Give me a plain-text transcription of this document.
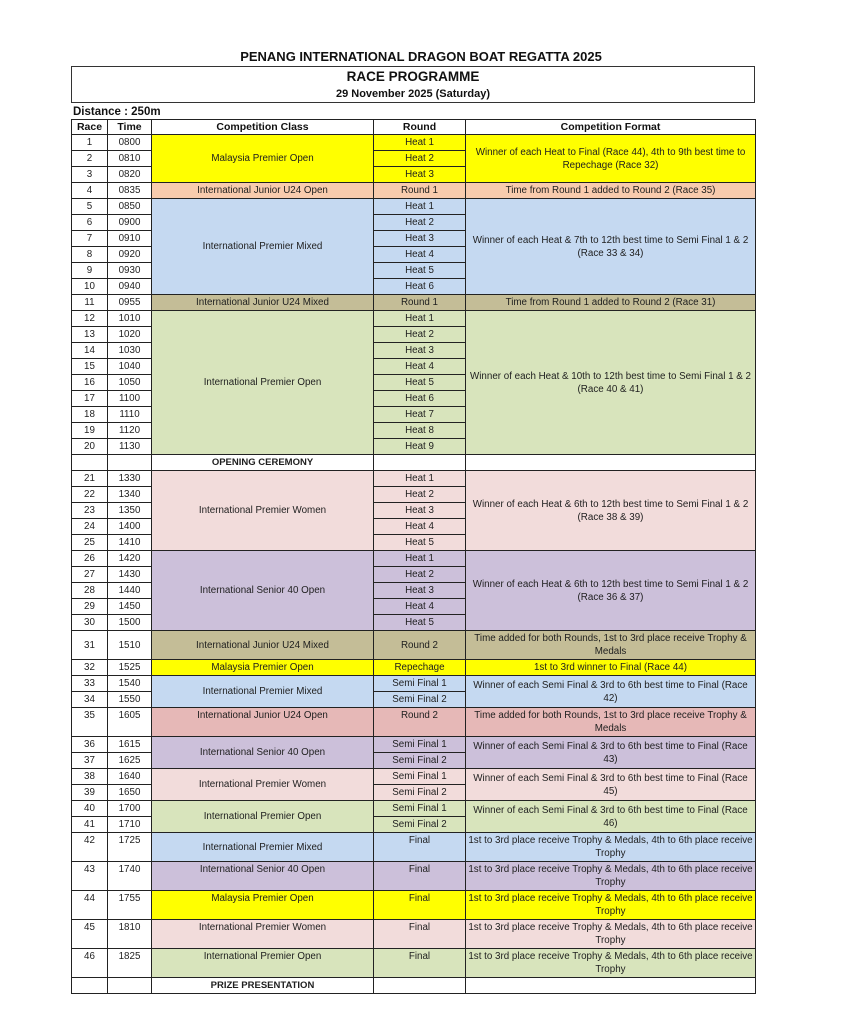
PENANG INTERNATIONAL DRAGON BOAT REGATTA 2025
RACE PROGRAMME
29 November 2025 (Saturday)
Distance : 250m
Race	Time	Competition Class	Round	Competition Format
1	0800	Malaysia Premier Open	Heat 1	Winner of each Heat to Final (Race 44), 4th to 9th best time to Repechage (Race 32)
2	0810		Heat 2	
3	0820		Heat 3	
4	0835	International Junior U24 Open	Round 1	Time from Round 1 added to Round 2 (Race 35)
5	0850	International Premier Mixed	Heat 1	Winner of each Heat & 7th to 12th best time to Semi Final 1 & 2 (Race 33 & 34)
6	0900		Heat 2	
7	0910		Heat 3	
8	0920		Heat 4	
9	0930		Heat 5	
10	0940		Heat 6	
11	0955	International Junior U24 Mixed	Round 1	Time from Round 1 added to Round 2 (Race 31)
12	1010	International Premier Open	Heat 1	Winner of each Heat & 10th to 12th best time to Semi Final 1 & 2 (Race 40 & 41)
13	1020		Heat 2	
14	1030		Heat 3	
15	1040		Heat 4	
16	1050		Heat 5	
17	1100		Heat 6	
18	1110		Heat 7	
19	1120		Heat 8	
20	1130		Heat 9	
		OPENING CEREMONY		
21	1330	International Premier Women	Heat 1	Winner of each Heat & 6th to 12th best time to Semi Final 1 & 2 (Race 38 & 39)
22	1340		Heat 2	
23	1350		Heat 3	
24	1400		Heat 4	
25	1410		Heat 5	
26	1420	International Senior 40 Open	Heat 1	Winner of each Heat & 6th to 12th best time to Semi Final 1 & 2 (Race 36 & 37)
27	1430		Heat 2	
28	1440		Heat 3	
29	1450		Heat 4	
30	1500		Heat 5	
31	1510	International Junior U24 Mixed	Round 2	Time added for both Rounds, 1st to 3rd place receive Trophy & Medals
32	1525	Malaysia Premier Open	Repechage	1st to 3rd winner to Final (Race 44)
33	1540	International Premier Mixed	Semi Final 1	Winner of each Semi Final & 3rd to 6th best time to Final (Race 42)
34	1550		Semi Final 2	
35	1605	International Junior U24 Open	Round 2	Time added for both Rounds, 1st to 3rd place receive Trophy & Medals
36	1615	International Senior 40 Open	Semi Final 1	Winner of each Semi Final & 3rd to 6th best time to Final (Race 43)
37	1625		Semi Final 2	
38	1640	International Premier Women	Semi Final 1	Winner of each Semi Final & 3rd to 6th best time to Final (Race 45)
39	1650		Semi Final 2	
40	1700	International Premier Open	Semi Final 1	Winner of each Semi Final & 3rd to 6th best time to Final (Race 46)
41	1710		Semi Final 2	
42	1725	International Premier Mixed	Final	1st to 3rd place receive Trophy & Medals, 4th to 6th place receive Trophy
43	1740	International Senior 40 Open	Final	1st to 3rd place receive Trophy & Medals, 4th to 6th place receive Trophy
44	1755	Malaysia Premier Open	Final	1st to 3rd place receive Trophy & Medals, 4th to 6th place receive Trophy
45	1810	International Premier Women	Final	1st to 3rd place receive Trophy & Medals, 4th to 6th place receive Trophy
46	1825	International Premier Open	Final	1st to 3rd place receive Trophy & Medals, 4th to 6th place receive Trophy
		PRIZE PRESENTATION		
